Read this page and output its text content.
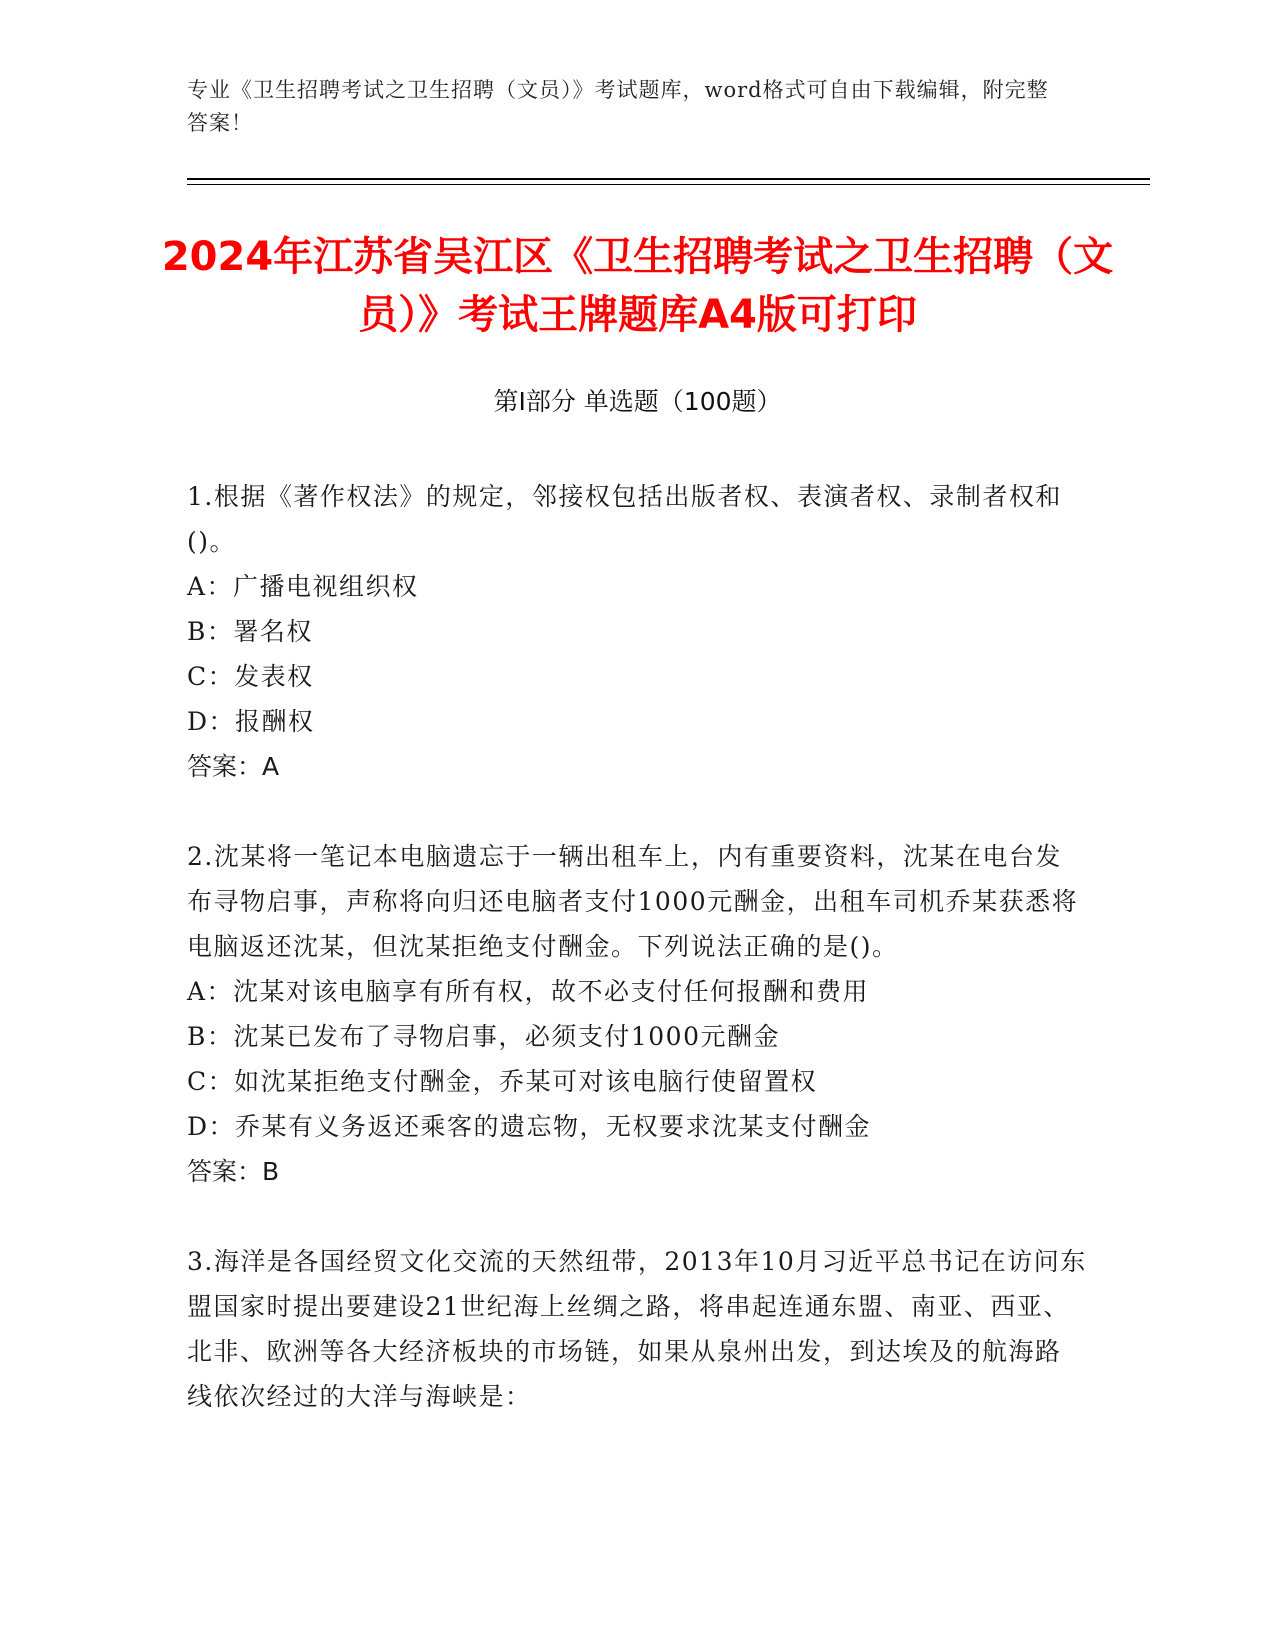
专业《卫生招聘考试之卫生招聘（文员）》考试题库，word格式可自由下载编辑，附完整答案！
2024年江苏省吴江区《卫生招聘考试之卫生招聘（文员）》考试王牌题库A4版可打印
第Ⅰ部分 单选题（100题）

1.根据《著作权法》的规定，邻接权包括出版者权、表演者权、录制者权和()。

A：广播电视组织权

B：署名权

C：发表权

D：报酬权

答案：A

2.沈某将一笔记本电脑遗忘于一辆出租车上，内有重要资料，沈某在电台发布寻物启事，声称将向归还电脑者支付1000元酬金，出租车司机乔某获悉将电脑返还沈某，但沈某拒绝支付酬金。下列说法正确的是()。

A：沈某对该电脑享有所有权，故不必支付任何报酬和费用

B：沈某已发布了寻物启事，必须支付1000元酬金

C：如沈某拒绝支付酬金，乔某可对该电脑行使留置权

D：乔某有义务返还乘客的遗忘物，无权要求沈某支付酬金

答案：B

3.海洋是各国经贸文化交流的天然纽带，2013年10月习近平总书记在访问东盟国家时提出要建设21世纪海上丝绸之路，将串起连通东盟、南亚、西亚、北非、欧洲等各大经济板块的市场链，如果从泉州出发，到达埃及的航海路线依次经过的大洋与海峡是：
